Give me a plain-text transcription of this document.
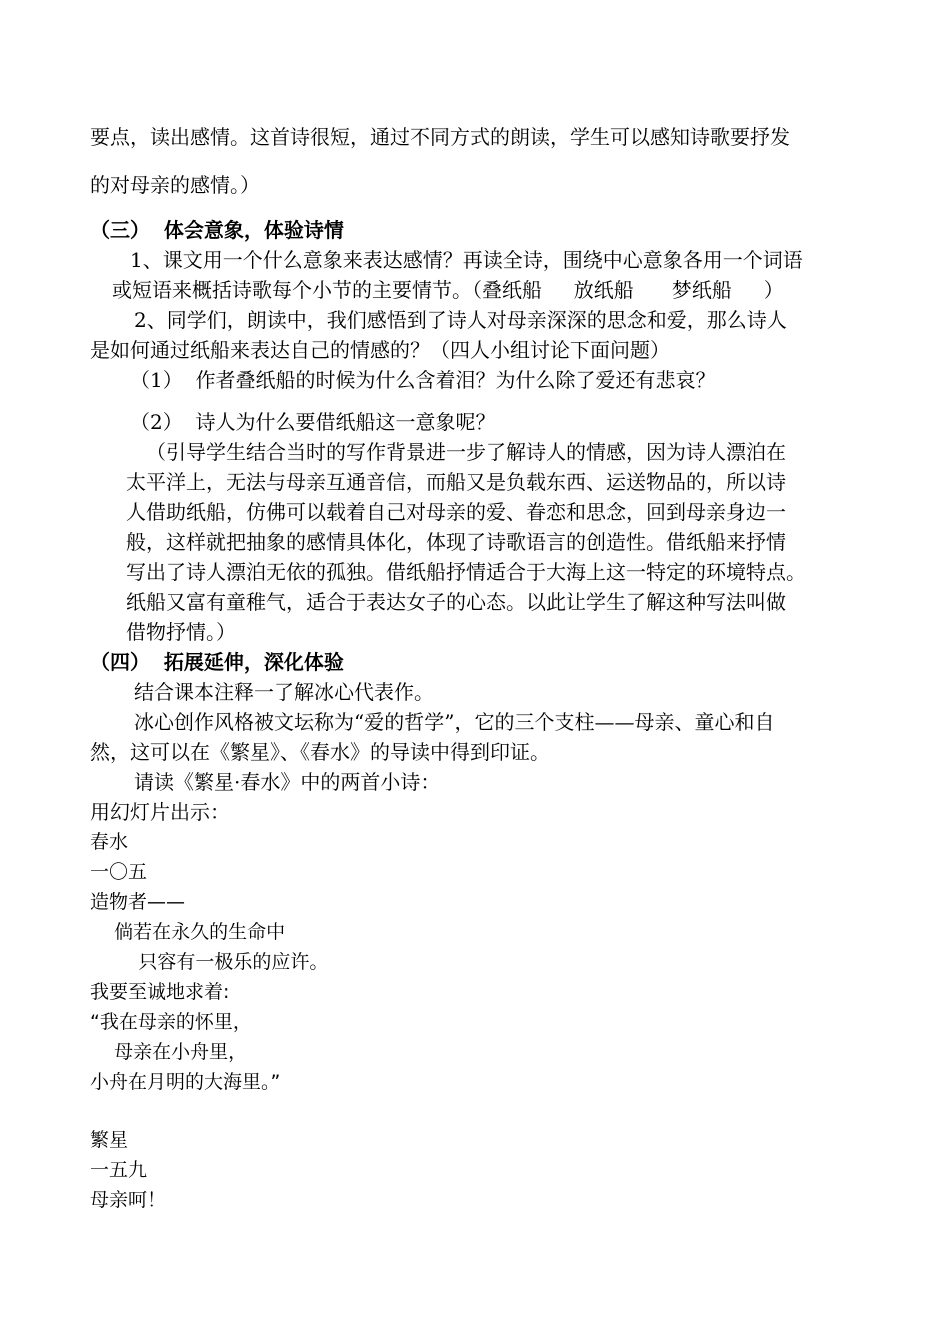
要点，读出感情。这首诗很短，通过不同方式的朗读，学生可以感知诗歌要抒发
的对母亲的感情。）
（三）  体会意象，体验诗情
1、课文用一个什么意象来表达感情？再读全诗，围绕中心意象各用一个词语
或短语来概括诗歌每个小节的主要情节。（叠纸船     放纸船      梦纸船     ）
2、同学们，朗读中，我们感悟到了诗人对母亲深深的思念和爱，那么诗人
是如何通过纸船来表达自己的情感的？（四人小组讨论下面问题）
（1）  作者叠纸船的时候为什么含着泪？为什么除了爱还有悲哀？
（2）  诗人为什么要借纸船这一意象呢？
（引导学生结合当时的写作背景进一步了解诗人的情感，因为诗人漂泊在
太平洋上，无法与母亲互通音信，而船又是负载东西、运送物品的，所以诗
人借助纸船，仿佛可以载着自己对母亲的爱、眷恋和思念，回到母亲身边一
般，这样就把抽象的感情具体化，体现了诗歌语言的创造性。借纸船来抒情
写出了诗人漂泊无依的孤独。借纸船抒情适合于大海上这一特定的环境特点。
纸船又富有童稚气，适合于表达女子的心态。以此让学生了解这种写法叫做
借物抒情。）
（四）  拓展延伸，深化体验
结合课本注释一了解冰心代表作。
冰心创作风格被文坛称为“爱的哲学”，它的三个支柱——母亲、童心和自
然，这可以在《繁星》、《春水》的导读中得到印证。
请读《繁星·春水》中的两首小诗：
用幻灯片出示：
春水
一〇五
造物者——
倘若在永久的生命中
只容有一极乐的应许。
我要至诚地求着:
“我在母亲的怀里，
母亲在小舟里，
小舟在月明的大海里。”
繁星
一五九
母亲呵！
